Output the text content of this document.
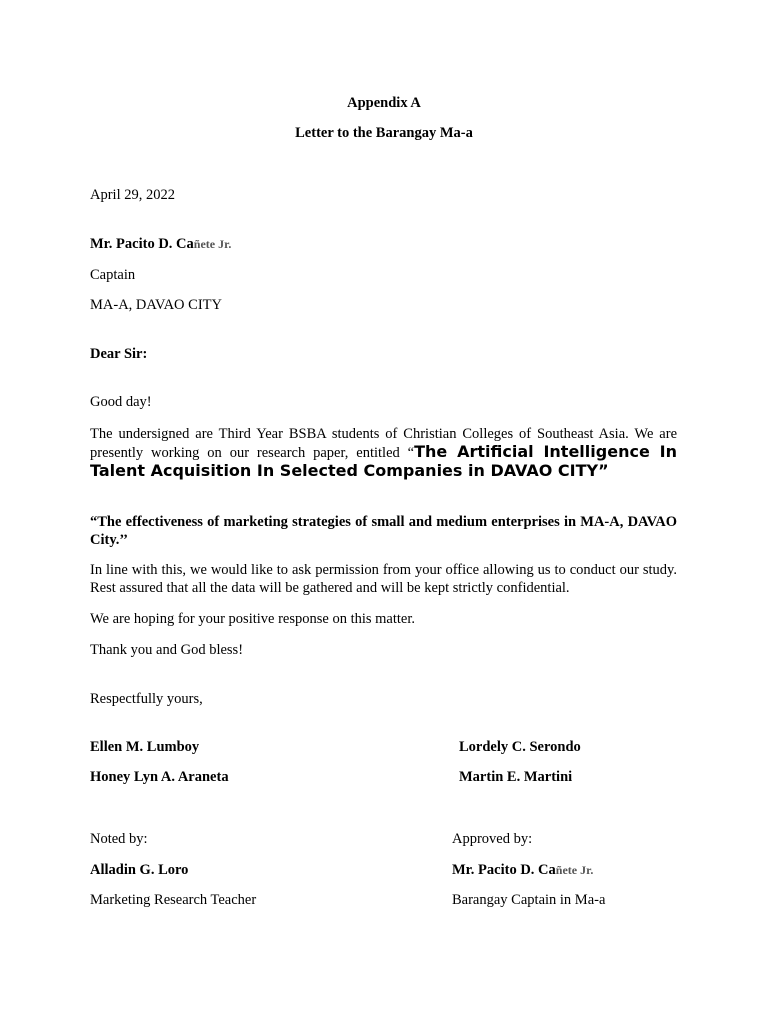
Appendix A
Letter to the Barangay Ma-a
April 29, 2022
Mr. Pacito D. Cañete Jr.
Captain
MA-A, DAVAO CITY
Dear Sir:
Good day!
The undersigned are Third Year BSBA students of Christian Colleges of Southeast Asia. We are presently working on our research paper, entitled “The Artificial Intelligence In Talent Acquisition In Selected Companies in DAVAO CITY”
“The effectiveness of marketing strategies of small and medium enterprises in MA-A, DAVAO City.’’
In line with this, we would like to ask permission from your office allowing us to conduct our study. Rest assured that all the data will be gathered and will be kept strictly confidential.
We are hoping for your positive response on this matter.
Thank you and God bless!
Respectfully yours,
Ellen M. Lumboy
Honey Lyn A. Araneta
Lordely C. Serondo
Martin E. Martini
Noted by:
Alladin G. Loro
Marketing Research Teacher
Approved by:
Mr. Pacito D. Cañete Jr.
Barangay Captain in Ma-a
